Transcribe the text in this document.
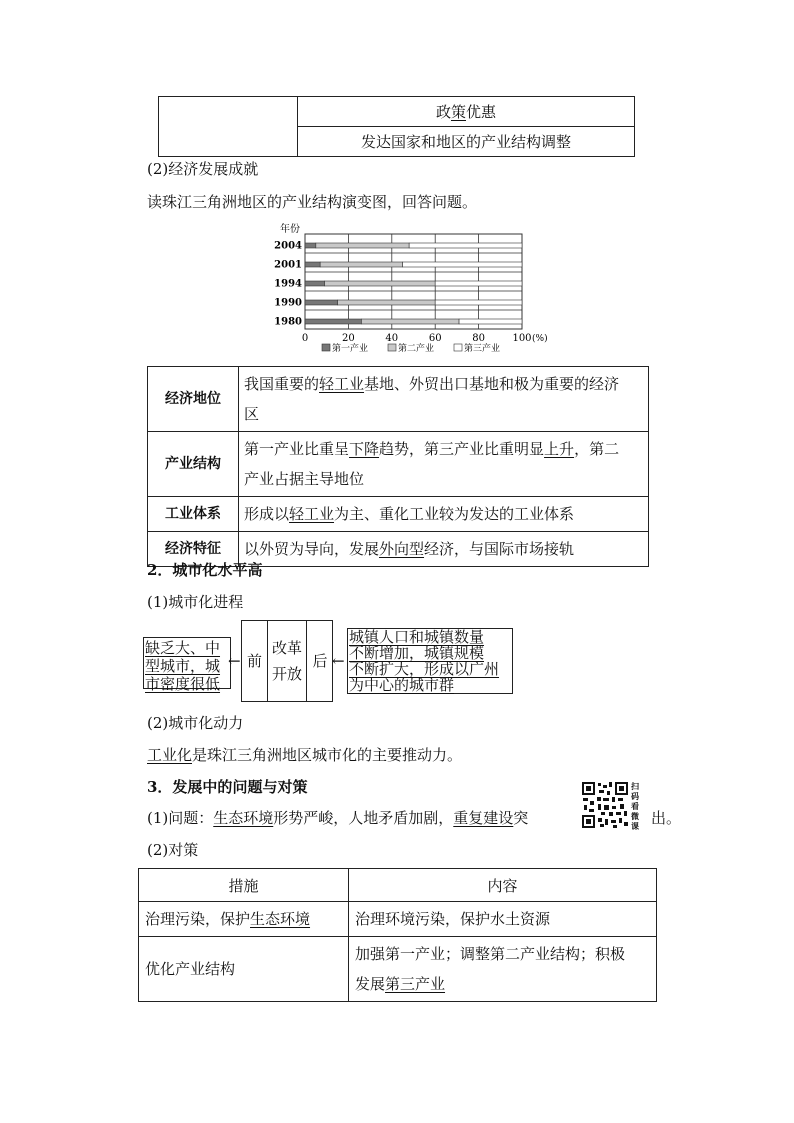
	政策优惠
发达国家和地区的产业结构调整
(2)经济发展成就
读珠江三角洲地区的产业结构演变图，回答问题。
年份
0	20	40	60	80	100 (%)
2004
2001
1994
1990
1980
第一产业	第二产业	第三产业
经济地位	我国重要的轻工业基地、外贸出口基地和极为重要的经济
区
产业结构	第一产业比重呈下降趋势，第三产业比重明显上升，第二
产业占据主导地位
工业体系	形成以轻工业为主、重化工业较为发达的工业体系
经济特征	以外贸为导向，发展外向型经济，与国际市场接轨
2．城市化水平高
(1)城市化进程
缺乏大、中
型城市，城
市密度很低
← 前
改革
开放
后 ←
城镇人口和城镇数量
不断增加，城镇规模
不断扩大，形成以广州
为中心的城市群
(2)城市化动力
工业化是珠江三角洲地区城市化的主要推动力。
3．发展中的问题与对策
(1)问题：生态环境形势严峻，人地矛盾加剧，重复建设突
扫码看微课 出。
(2)对策
措施	内容
治理污染，保护生态环境	治理环境污染，保护水土资源
优化产业结构	加强第一产业；调整第二产业结构；积极
发展第三产业
